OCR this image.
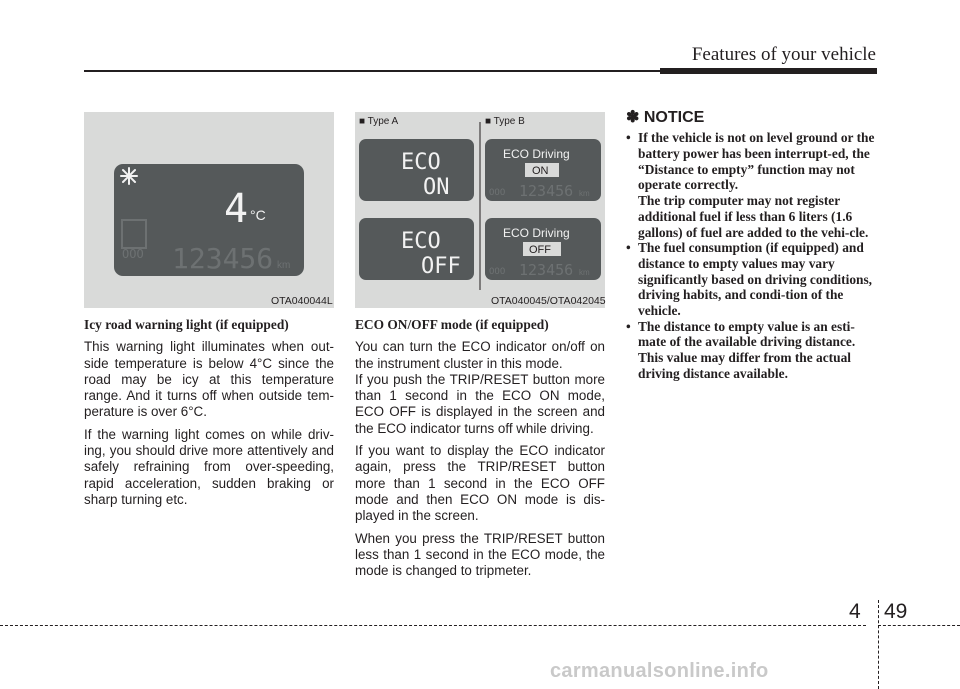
Features of your vehicle
OOO
4 °C
123456 km
OTA040044L
■ Type A	■ Type B
ECO
ON
ECO
OFF
ECO Driving
ON
OOO 123456 km
ECO Driving
OFF
OOO 123456 km
OTA040045/OTA042045
Icy road warning light (if equipped)

This warning light illuminates when out-side temperature is below 4°C since the road may be icy at this temperature range. And it turns off when outside tem-perature is over 6°C.

If the warning light comes on while driv-ing, you should drive more attentively and safely refraining from over-speeding, rapid acceleration, sudden braking or sharp turning etc.

ECO ON/OFF mode (if equipped)

You can turn the ECO indicator on/off on the instrument cluster in this mode.

If you push the TRIP/RESET button more than 1 second in the ECO ON mode, ECO OFF is displayed in the screen and the ECO indicator turns off while driving.

If you want to display the ECO indicator again, press the TRIP/RESET button more than 1 second in the ECO OFF mode and then ECO ON mode is dis-played in the screen.

When you press the TRIP/RESET button less than 1 second in the ECO mode, the mode is changed to tripmeter.

✽ NOTICE
• If the vehicle is not on level ground or the battery power has been interrupt-ed, the “Distance to empty” function may not operate correctly.
The trip computer may not register additional fuel if less than 6 liters (1.6 gallons) of fuel are added to the vehi-cle.
• The fuel consumption (if equipped) and distance to empty values may vary significantly based on driving conditions, driving habits, and condi-tion of the vehicle.
• The distance to empty value is an esti-mate of the available driving distance. This value may differ from the actual driving distance available.
4 49
carmanualsonline.info
